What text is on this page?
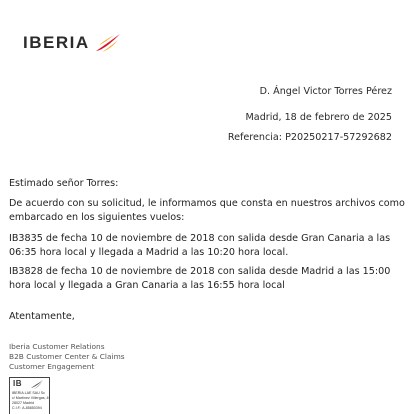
IBERIA
D. Ángel Victor Torres Pérez
Madrid, 18 de febrero de 2025
Referencia: P20250217-57292682
Estimado señor Torres:
De acuerdo con su solicitud, le informamos que consta en nuestros archivos como embarcado en los siguientes vuelos:
IB3835 de fecha 10 de noviembre de 2018 con salida desde Gran Canaria a las 06:35 hora local y llegada a Madrid a las 10:20 hora local.
IB3828 de fecha 10 de noviembre de 2018 con salida desde Madrid a las 15:00 hora local y llegada a Gran Canaria a las 16:55 hora local
Atentamente,
Iberia Customer Relations
B2B Customer Center & Claims
Customer Engagement
IB
IBERIA LAE SAU Sc
c/ Martínez Villergas, 49
28027 Madrid
C.I.F.: A-85850394
